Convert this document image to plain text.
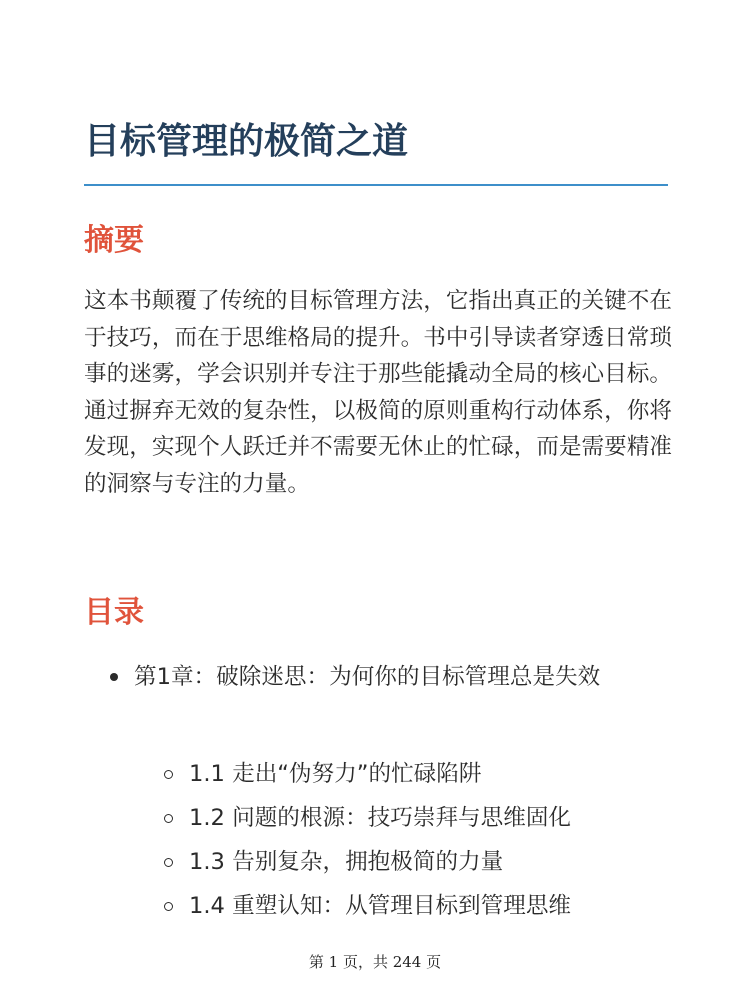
目标管理的极简之道
摘要

这本书颠覆了传统的目标管理方法，它指出真正的关键不在于技巧，而在于思维格局的提升。书中引导读者穿透日常琐事的迷雾，学会识别并专注于那些能撬动全局的核心目标。通过摒弃无效的复杂性，以极简的原则重构行动体系，你将发现，实现个人跃迁并不需要无休止的忙碌，而是需要精准的洞察与专注的力量。

目录
第1章：破除迷思：为何你的目标管理总是失效
1.1 走出“伪努力”的忙碌陷阱
1.2 问题的根源：技巧崇拜与思维固化
1.3 告别复杂，拥抱极简的力量
1.4 重塑认知：从管理目标到管理思维
第 1 页，共 244 页
